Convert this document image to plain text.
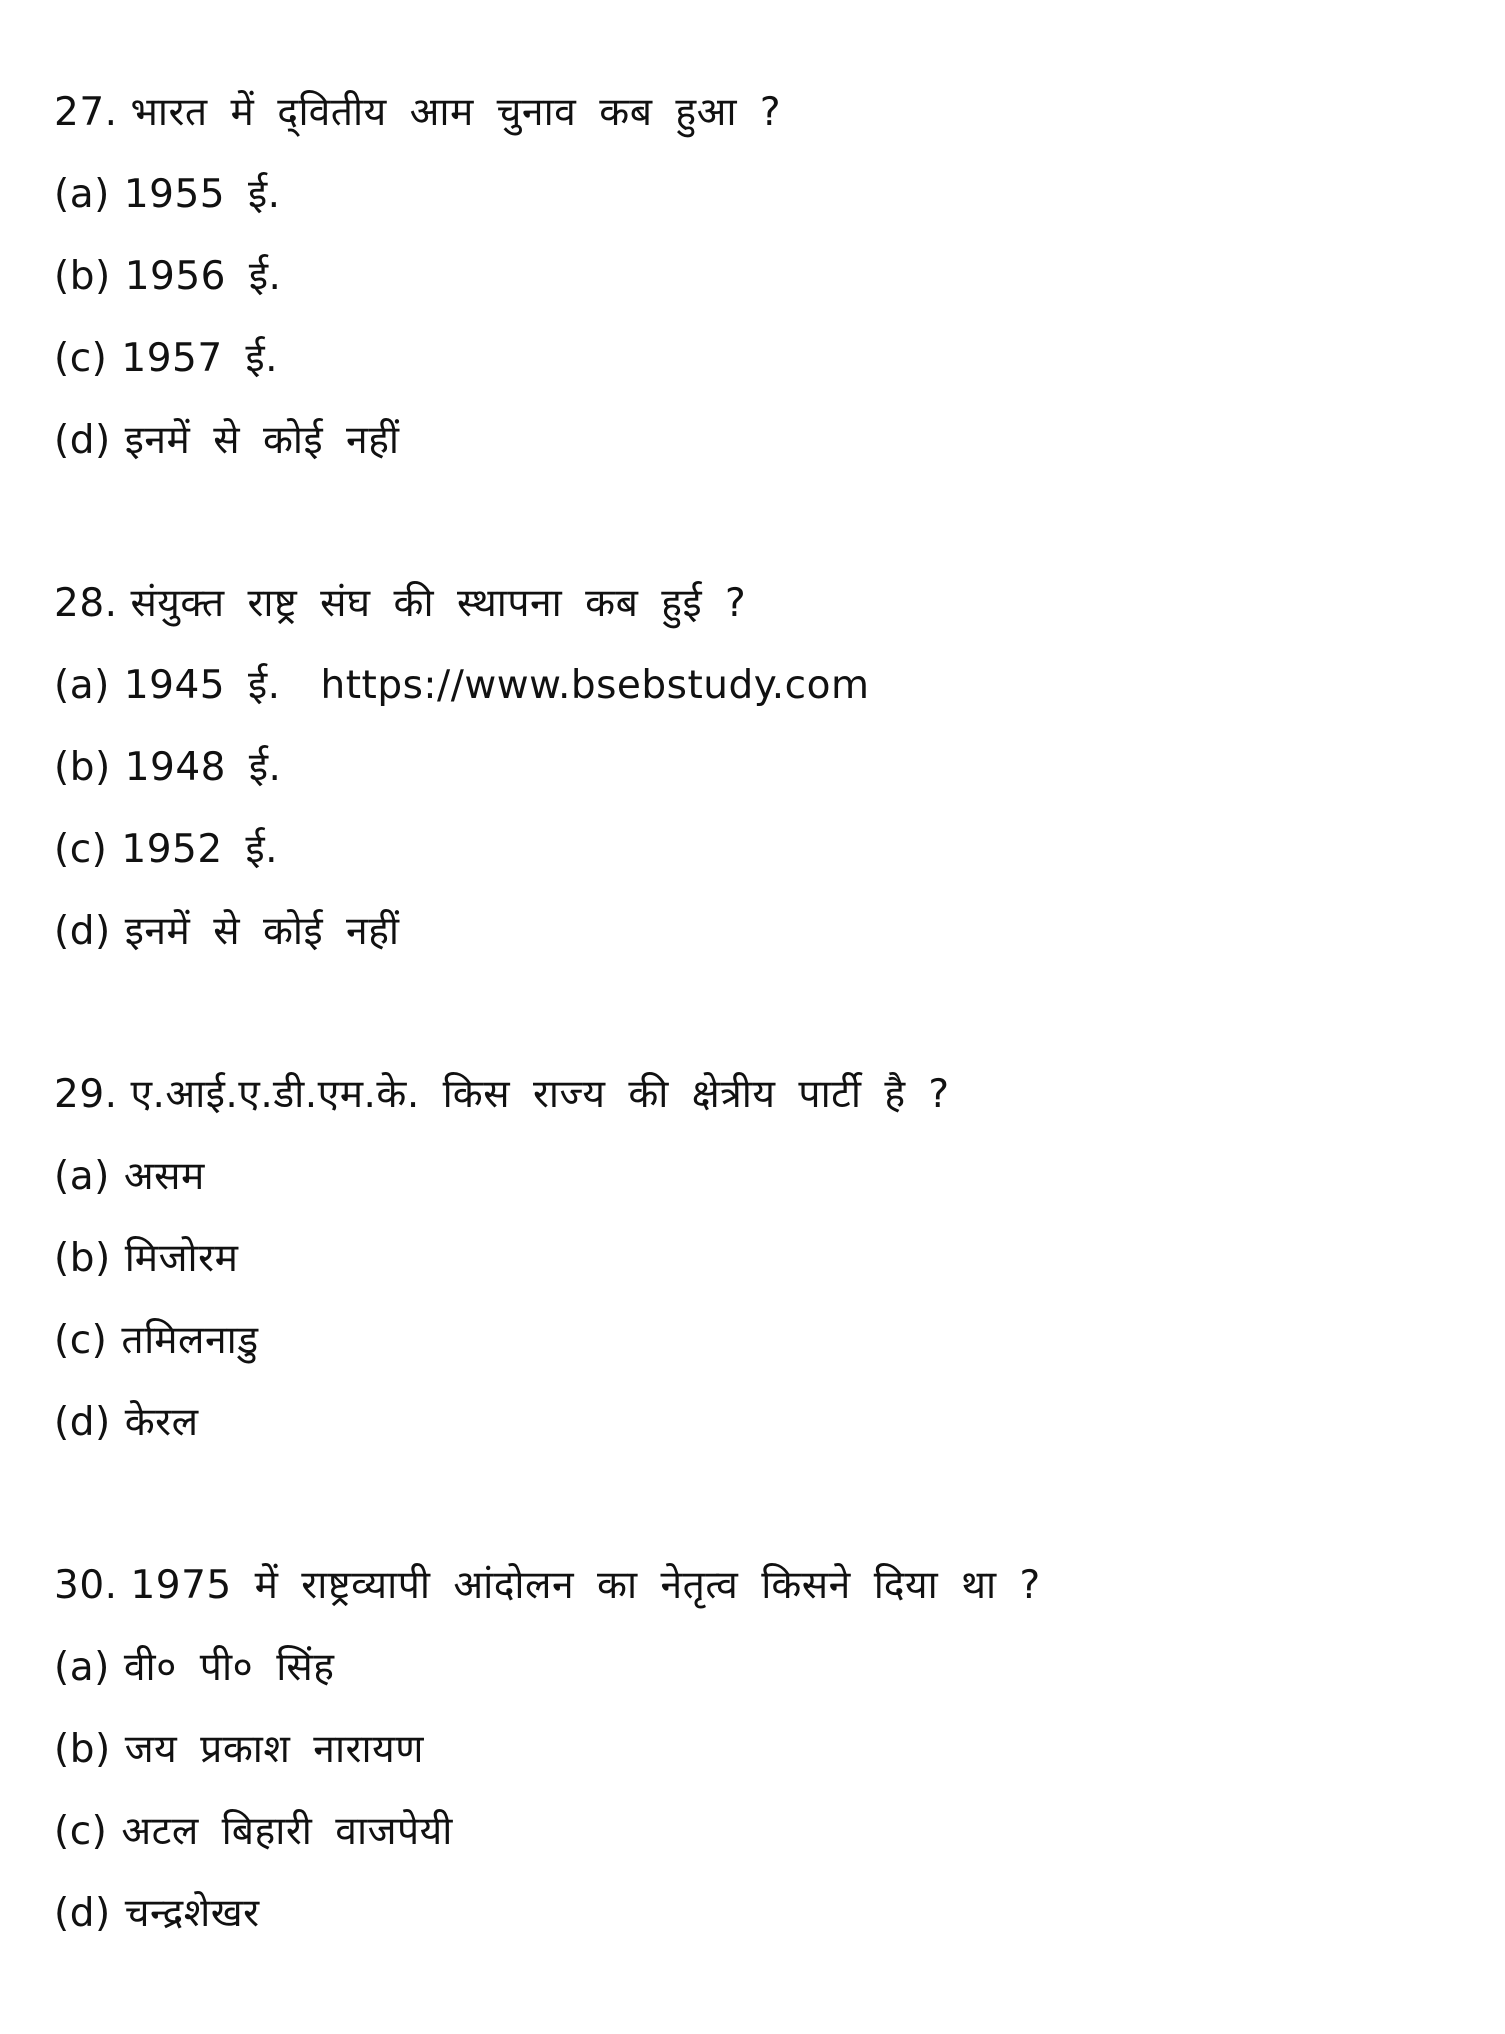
27. भारत में द्‌वितीय आम चुनाव कब हुआ ?
(a) 1955 ई.
(b) 1956 ई.
(c) 1957 ई.
(d) इनमें से कोई नहीं
28. संयुक्त राष्ट्र संघ की स्थापना कब हुई ?
(a) 1945 ई. https://www.bsebstudy.com
(b) 1948 ई.
(c) 1952 ई.
(d) इनमें से कोई नहीं
29. ए.आई.ए.डी.एम.के. किस राज्य की क्षेत्रीय पार्टी है ?
(a) असम
(b) मिजोरम
(c) तमिलनाडु
(d) केरल
30. 1975 में राष्ट्रव्यापी आंदोलन का नेतृत्व किसने दिया था ?
(a) वी० पी० सिंह
(b) जय प्रकाश नारायण
(c) अटल बिहारी वाजपेयी
(d) चन्द्रशेखर
